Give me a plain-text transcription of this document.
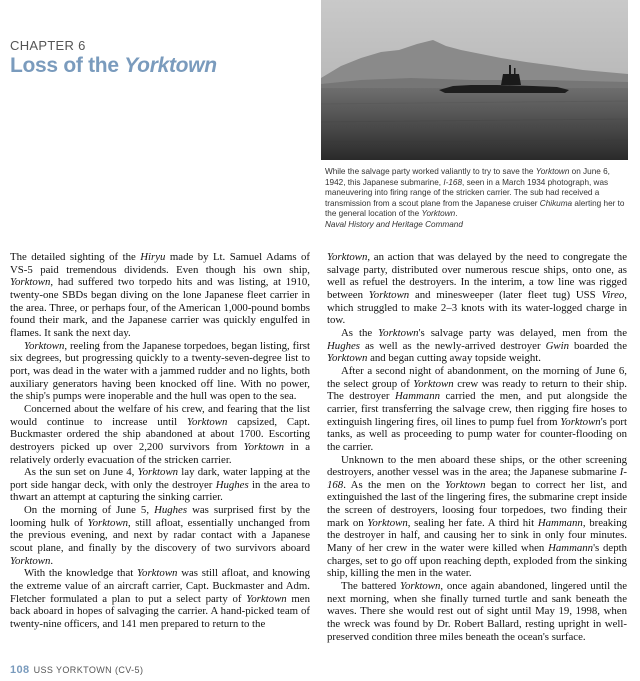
CHAPTER 6
Loss of the Yorktown

While the salvage party worked valiantly to try to save the Yorktown on June 6, 1942, this Japanese submarine, I-168, seen in a March 1934 photograph, was maneuvering into firing range of the stricken carrier. The sub had received a transmission from a scout plane from the Japanese cruiser Chikuma alerting her to the general location of the Yorktown.
Naval History and Heritage Command

The detailed sighting of the Hiryu made by Lt. Samuel Adams of VS-5 paid tremendous dividends. Even though his own ship, Yorktown, had suffered two torpedo hits and was listing, at 1910, twenty-one SBDs began diving on the lone Japanese fleet carrier in the area. Three, or perhaps four, of the American 1,000-pound bombs found their mark, and the Japanese carrier was quickly engulfed in flames. It sank the next day.

Yorktown, reeling from the Japanese torpedoes, began listing, first six degrees, but progressing quickly to a twenty-seven-degree list to port, was dead in the water with a jammed rudder and no lights, both auxiliary generators having been knocked off line. With no power, the ship's pumps were inoperable and the hull was open to the sea.

Concerned about the welfare of his crew, and fearing that the list would continue to increase until Yorktown capsized, Capt. Buckmaster ordered the ship abandoned at about 1700. Escorting destroyers picked up over 2,200 survivors from Yorktown in a relatively orderly evacuation of the stricken carrier.

As the sun set on June 4, Yorktown lay dark, water lapping at the port side hangar deck, with only the destroyer Hughes in the area to thwart an attempt at capturing the sinking carrier.

On the morning of June 5, Hughes was surprised first by the looming hulk of Yorktown, still afloat, essentially unchanged from the previous evening, and next by radar contact with a Japanese scout plane, and finally by the discovery of two survivors aboard Yorktown.

With the knowledge that Yorktown was still afloat, and knowing the extreme value of an aircraft carrier, Capt. Buckmaster and Adm. Fletcher formulated a plan to put a select party of Yorktown men back aboard in hopes of salvaging the carrier. A hand-picked team of twenty-nine officers, and 141 men prepared to return to the

Yorktown, an action that was delayed by the need to congregate the salvage party, distributed over numerous rescue ships, onto one, as well as refuel the destroyers. In the interim, a tow line was rigged between Yorktown and minesweeper (later fleet tug) USS Vireo, which struggled to make 2–3 knots with its water-logged charge in tow.

As the Yorktown's salvage party was delayed, men from the Hughes as well as the newly-arrived destroyer Gwin boarded the Yorktown and began cutting away topside weight.

After a second night of abandonment, on the morning of June 6, the select group of Yorktown crew was ready to return to their ship. The destroyer Hammann carried the men, and put alongside the carrier, first transferring the salvage crew, then rigging fire hoses to extinguish lingering fires, oil lines to pump fuel from Yorktown's port tanks, as well as proceeding to pump water for counter-flooding on the carrier.

Unknown to the men aboard these ships, or the other screening destroyers, another vessel was in the area; the Japanese submarine I-168. As the men on the Yorktown began to correct her list, and extinguished the last of the lingering fires, the submarine crept inside the screen of destroyers, loosing four torpedoes, two finding their mark on Yorktown, sealing her fate. A third hit Hammann, breaking the destroyer in half, and causing her to sink in only four minutes. Many of her crew in the water were killed when Hammann's depth charges, set to go off upon reaching depth, exploded from the sinking ship, killing the men in the water.

The battered Yorktown, once again abandoned, lingered until the next morning, when she finally turned turtle and sank beneath the waves. There she would rest out of sight until May 19, 1998, when the wreck was found by Dr. Robert Ballard, resting upright in well-preserved condition three miles beneath the ocean's surface.

108 USS YORKTOWN (CV-5)
